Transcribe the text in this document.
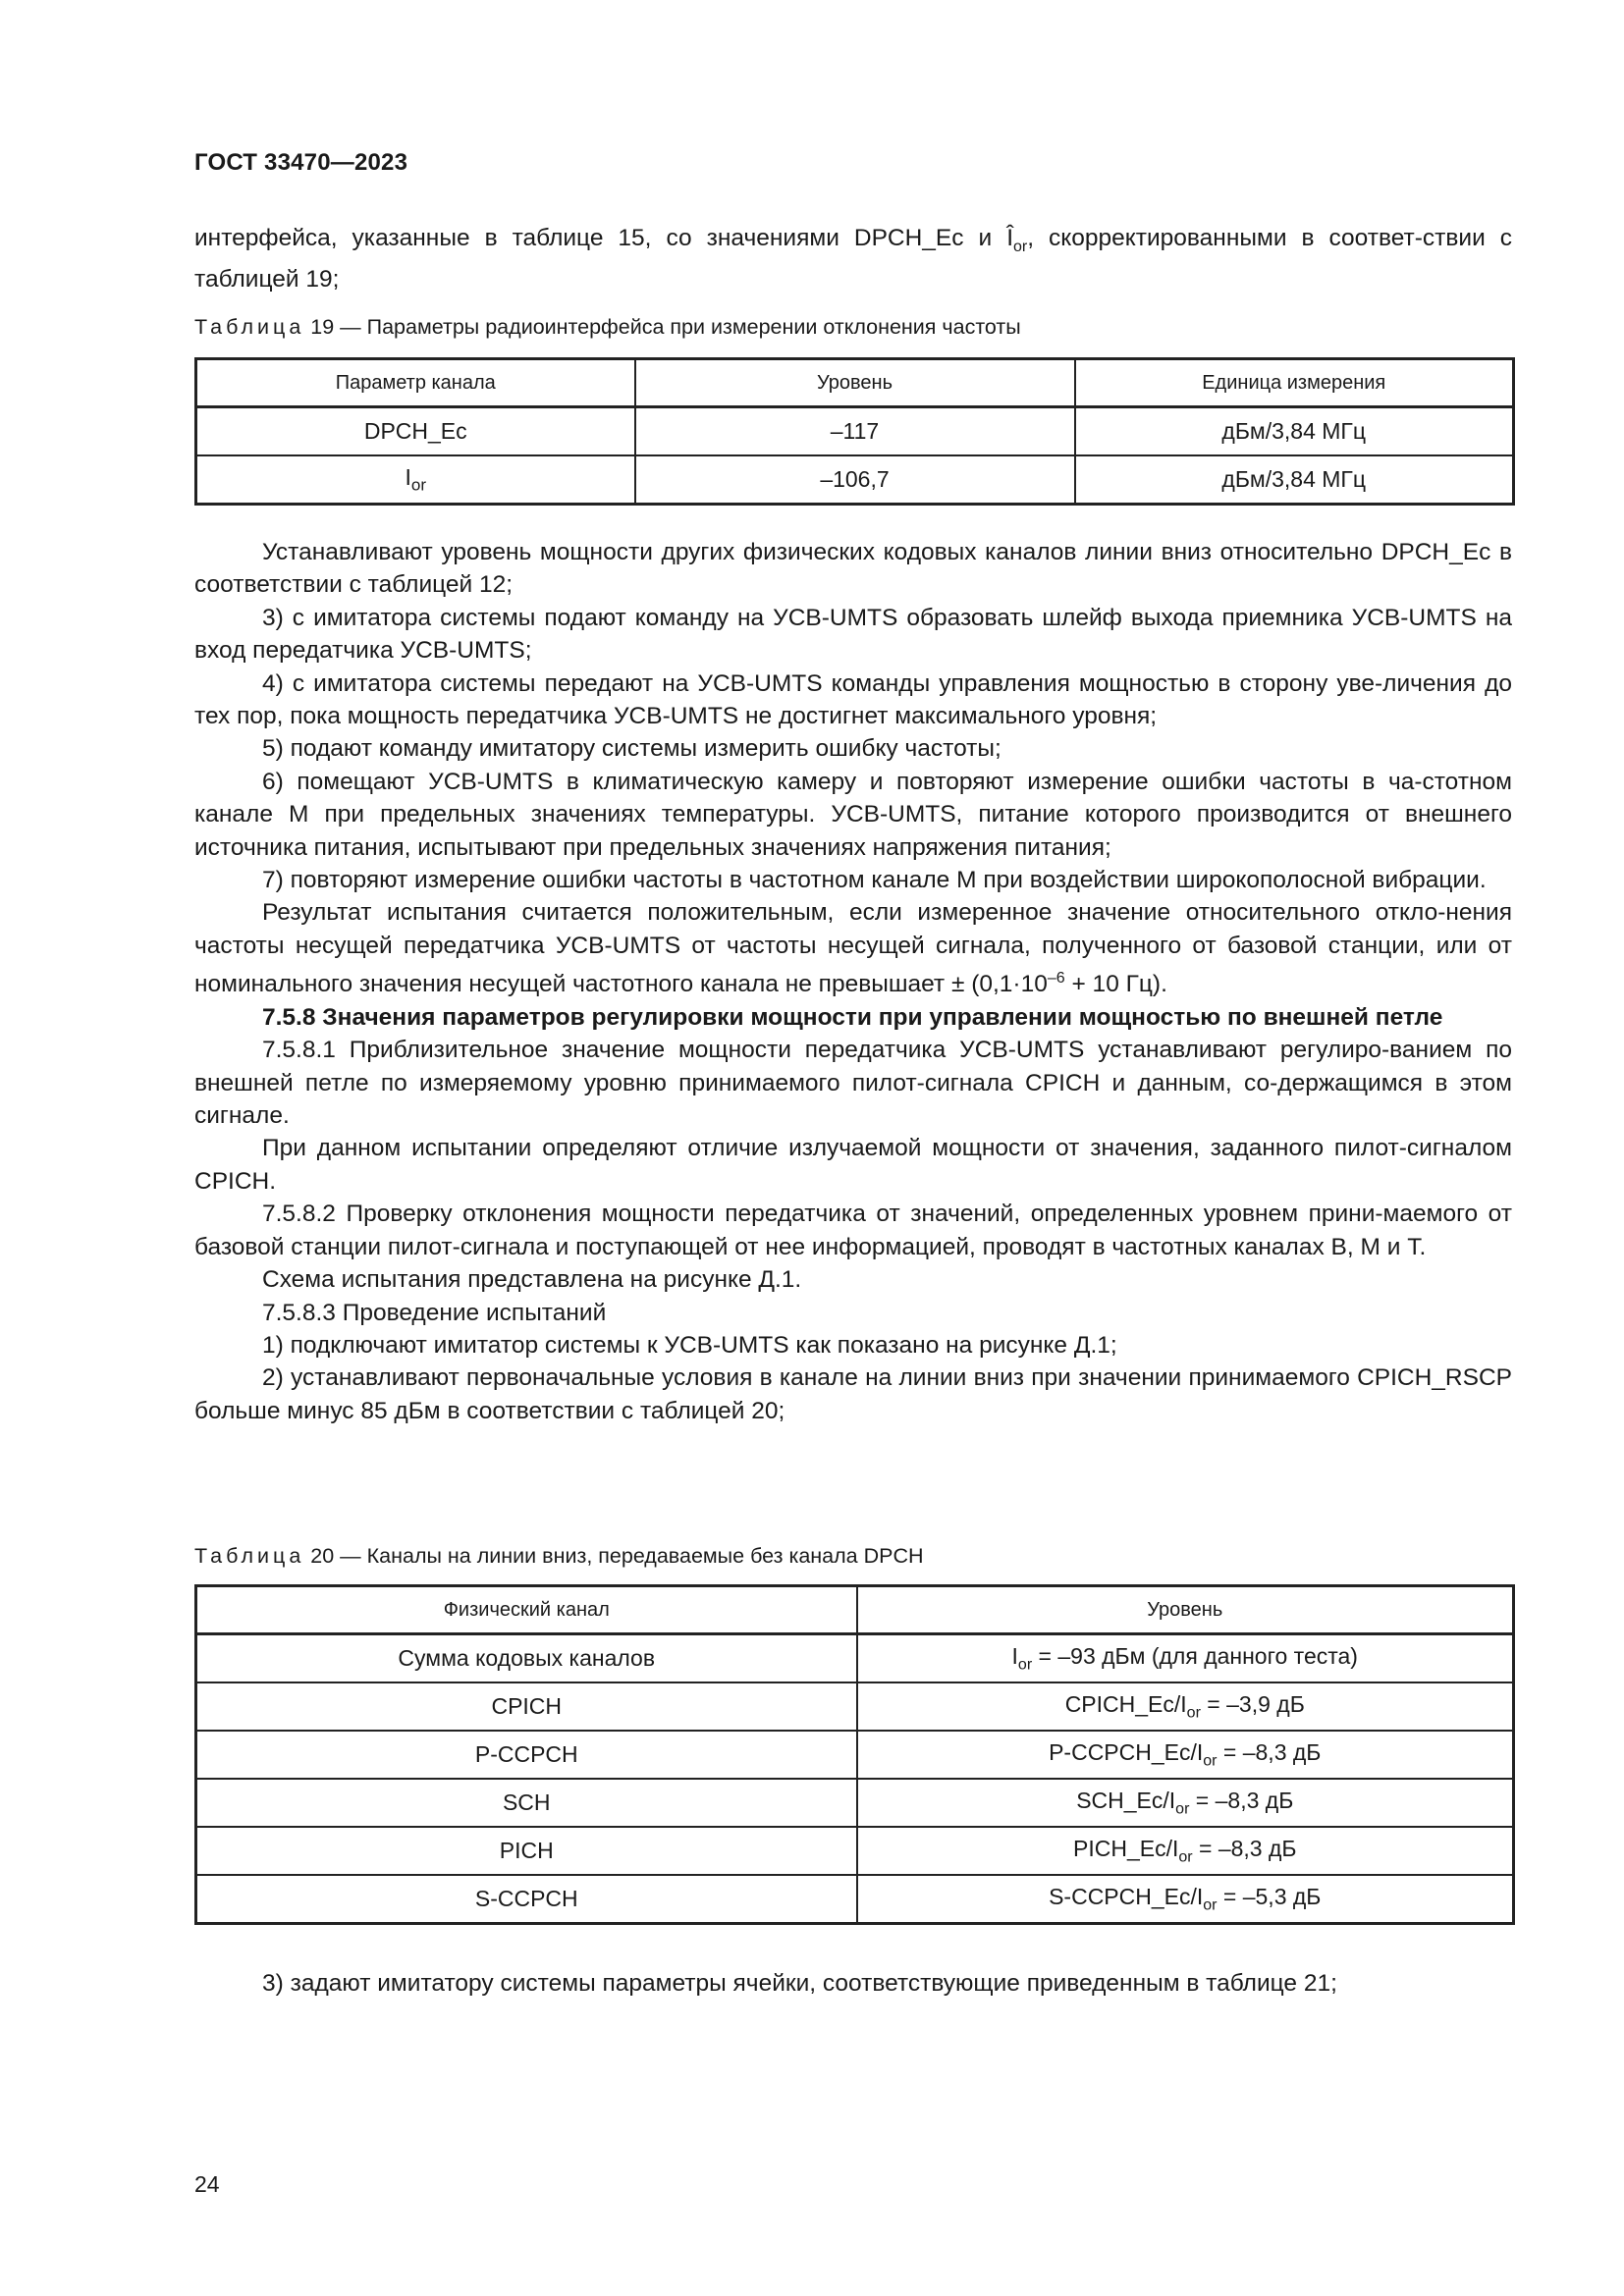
ГОСТ 33470—2023

интерфейса, указанные в таблице 15, со значениями DPCH_Ec и $Î_{or}$, скорректированными в соответ-ствии с таблицей 19;

Таблица 19 — Параметры радиоинтерфейса при измерении отклонения частоты

Параметр канала	Уровень	Единица измерения
DPCH_Ec	–117	дБм/3,84 МГц
$I_{or}$	–106,7	дБм/3,84 МГц

Устанавливают уровень мощности других физических кодовых каналов линии вниз относительно DPCH_Ec в соответствии с таблицей 12;

3) с имитатора системы подают команду на УСВ-UMTS образовать шлейф выхода приемника УСВ-UMTS на вход передатчика УСВ-UMTS;

4) с имитатора системы передают на УСВ-UMTS команды управления мощностью в сторону уве-личения до тех пор, пока мощность передатчика УСВ-UMTS не достигнет максимального уровня;

5) подают команду имитатору системы измерить ошибку частоты;

6) помещают УСВ-UMTS в климатическую камеру и повторяют измерение ошибки частоты в ча-стотном канале М при предельных значениях температуры. УСВ-UMTS, питание которого производится от внешнего источника питания, испытывают при предельных значениях напряжения питания;

7) повторяют измерение ошибки частоты в частотном канале М при воздействии широкополосной вибрации.

Результат испытания считается положительным, если измеренное значение относительного откло-нения частоты несущей передатчика УСВ-UMTS от частоты несущей сигнала, полученного от базовой станции, или от номинального значения несущей частотного канала не превышает ± ($0,1\cdot 10^{-6} + 10$ Гц).

7.5.8 Значения параметров регулировки мощности при управлении мощностью по внешней петле

7.5.8.1 Приблизительное значение мощности передатчика УСВ-UMTS устанавливают регулиро-ванием по внешней петле по измеряемому уровню принимаемого пилот-сигнала CPICH и данным, со-держащимся в этом сигнале.

При данном испытании определяют отличие излучаемой мощности от значения, заданного пилот-сигналом CPICH.

7.5.8.2 Проверку отклонения мощности передатчика от значений, определенных уровнем прини-маемого от базовой станции пилот-сигнала и поступающей от нее информацией, проводят в частотных каналах В, М и Т.

Схема испытания представлена на рисунке Д.1.

7.5.8.3 Проведение испытаний

1) подключают имитатор системы к УСВ-UMTS как показано на рисунке Д.1;

2) устанавливают первоначальные условия в канале на линии вниз при значении принимаемого CPICH_RSCP больше минус 85 дБм в соответствии с таблицей 20;

Таблица 20 — Каналы на линии вниз, передаваемые без канала DPCH

Физический канал	Уровень
Сумма кодовых каналов	$I_{or} = -93$ дБм (для данного теста)
CPICH	$CPICH\_Ec/I_{or} = -3,9$ дБ
P-CCPCH	$P-CCPCH\_Ec/I_{or} = -8,3$ дБ
SCH	$SCH\_Ec/I_{or} = -8,3$ дБ
PICH	$PICH\_Ec/I_{or} = -8,3$ дБ
S-CCPCH	$S-CCPCH\_Ec/I_{or} = -5,3$ дБ

3) задают имитатору системы параметры ячейки, соответствующие приведенным в таблице 21;

24
